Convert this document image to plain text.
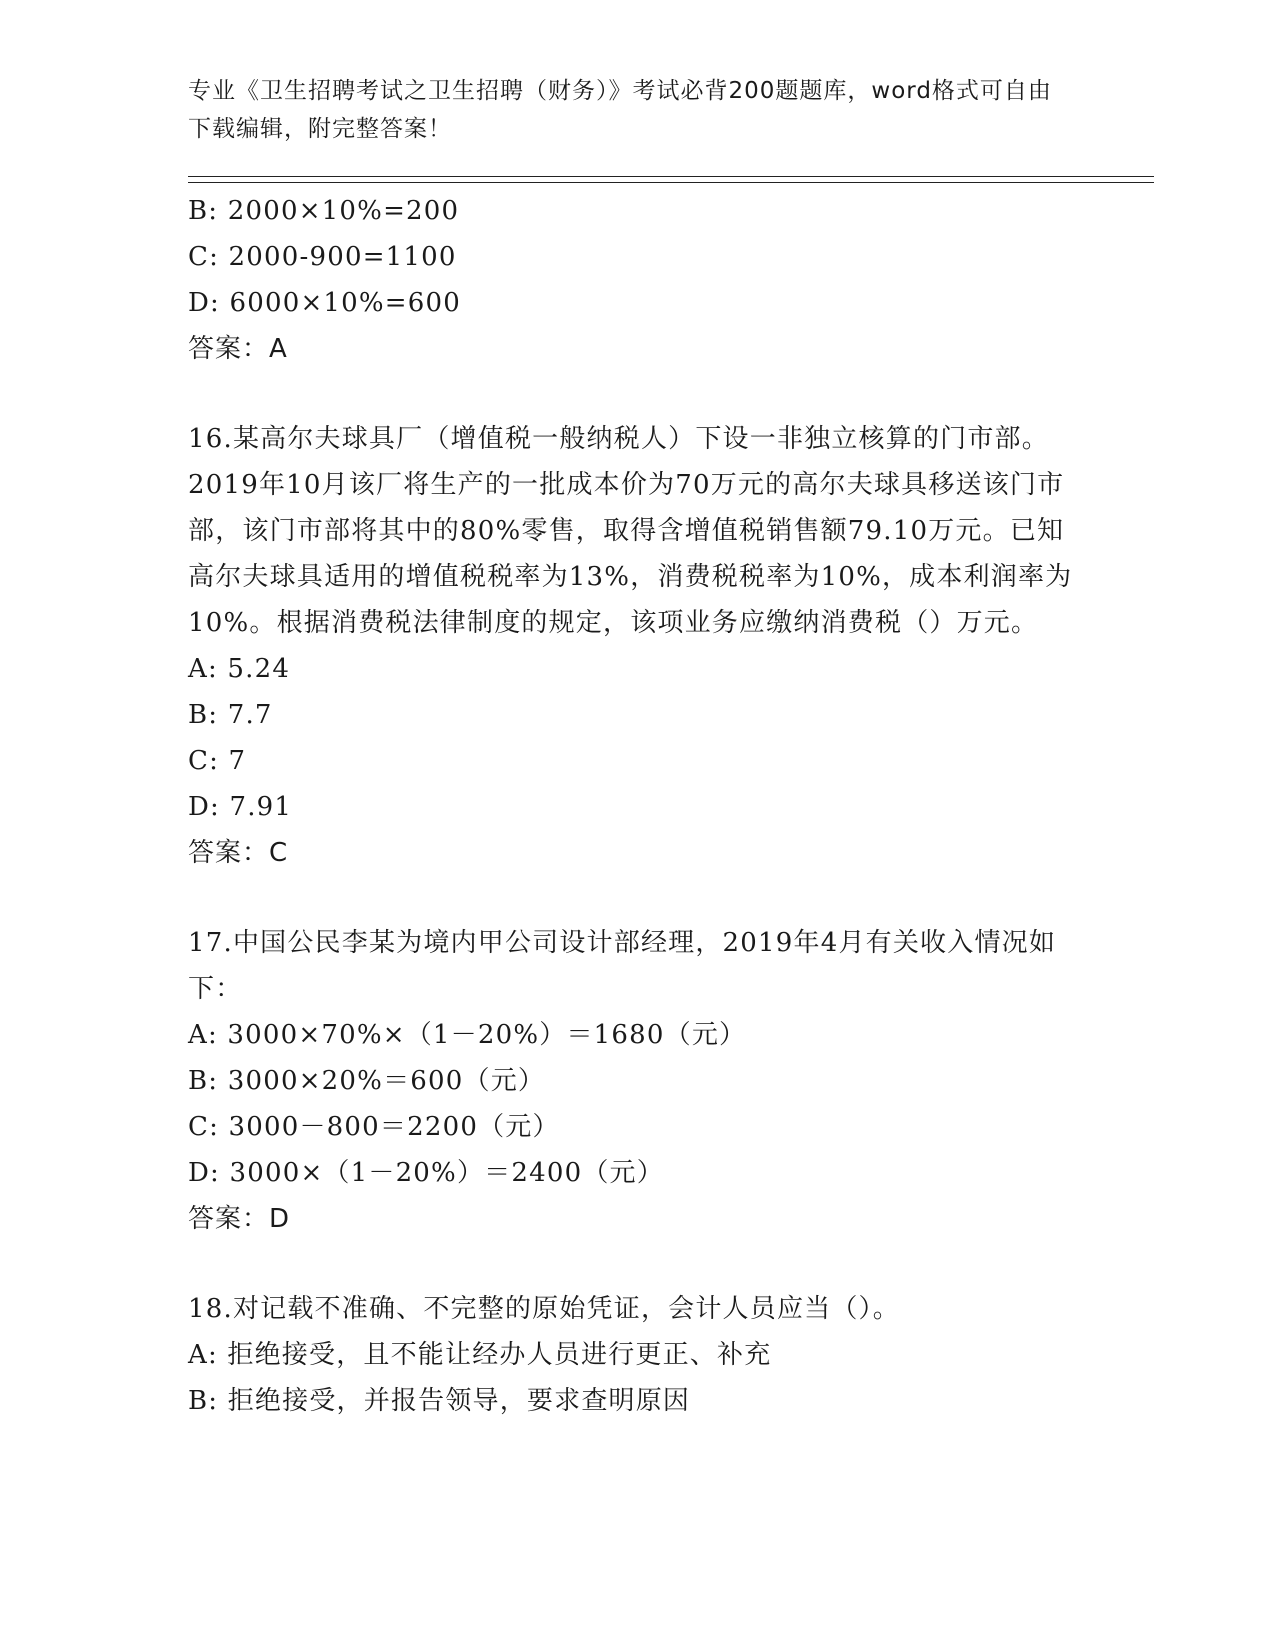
专业《卫生招聘考试之卫生招聘（财务）》考试必背200题题库，word格式可自由下载编辑，附完整答案！

B: 2000×10%=200

C: 2000-900=1100

D: 6000×10%=600

答案：A

16.某高尔夫球具厂（增值税一般纳税人）下设一非独立核算的门市部。2019年10月该厂将生产的一批成本价为70万元的高尔夫球具移送该门市部，该门市部将其中的80%零售，取得含增值税销售额79.10万元。已知高尔夫球具适用的增值税税率为13%，消费税税率为10%，成本利润率为10%。根据消费税法律制度的规定，该项业务应缴纳消费税（）万元。

A: 5.24

B: 7.7

C: 7

D: 7.91

答案：C

17.中国公民李某为境内甲公司设计部经理，2019年4月有关收入情况如下：

A: 3000×70%×（1－20%）＝1680（元）

B: 3000×20%＝600（元）

C: 3000－800＝2200（元）

D: 3000×（1－20%）＝2400（元）

答案：D

18.对记载不准确、不完整的原始凭证，会计人员应当（）。

A: 拒绝接受，且不能让经办人员进行更正、补充

B: 拒绝接受，并报告领导，要求查明原因
